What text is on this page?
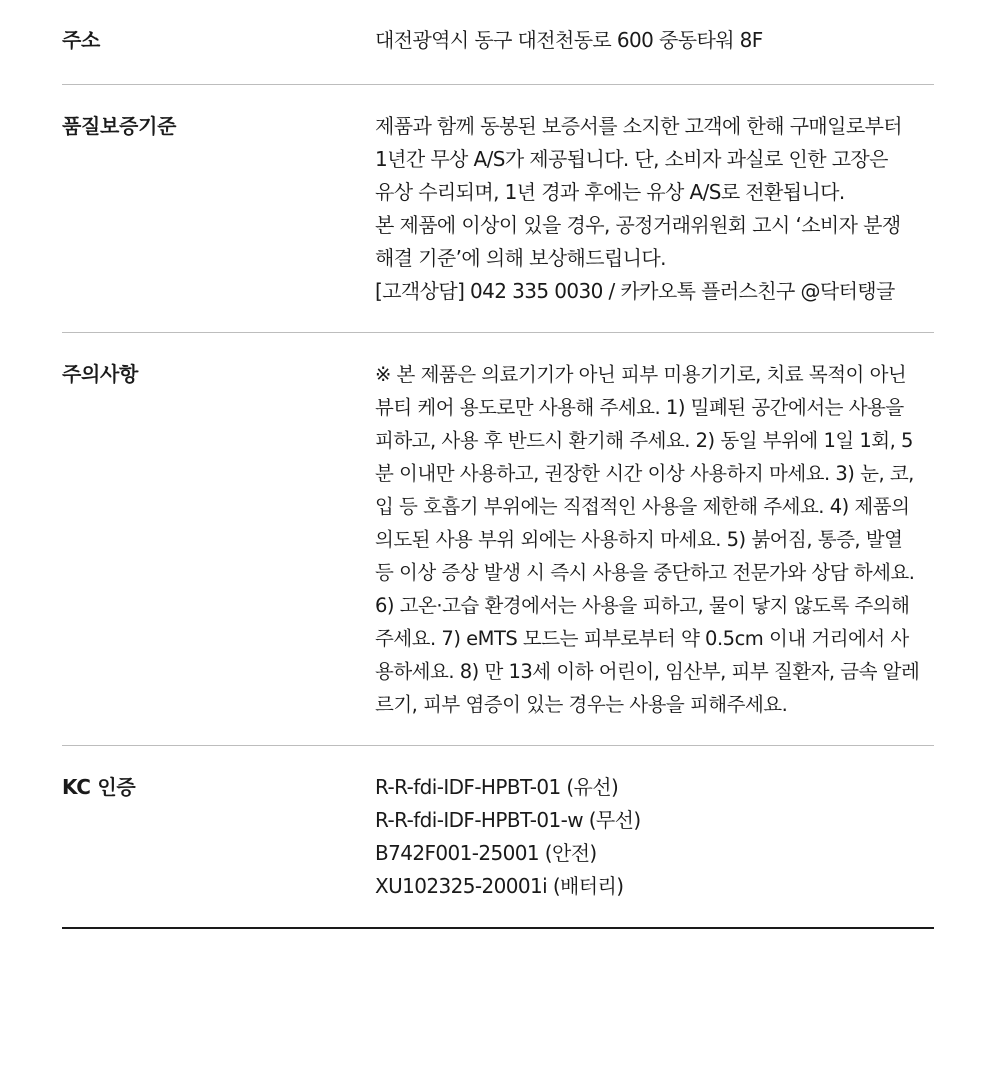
주소	대전광역시 동구 대전천동로 600 중동타워 8F
품질보증기준	제품과 함께 동봉된 보증서를 소지한 고객에 한해 구매일로부터
1년간 무상 A/S가 제공됩니다. 단, 소비자 과실로 인한 고장은
유상 수리되며, 1년 경과 후에는 유상 A/S로 전환됩니다.
본 제품에 이상이 있을 경우, 공정거래위원회 고시 ‘소비자 분쟁
해결 기준’에 의해 보상해드립니다.
[고객상담] 042 335 0030 / 카카오톡 플러스친구 @닥터탱글
주의사항	※ 본 제품은 의료기기가 아닌 피부 미용기기로, 치료 목적이 아닌
뷰티 케어 용도로만 사용해 주세요. 1) 밀폐된 공간에서는 사용을
피하고, 사용 후 반드시 환기해 주세요. 2) 동일 부위에 1일 1회, 5
분 이내만 사용하고, 권장한 시간 이상 사용하지 마세요. 3) 눈, 코,
입 등 호흡기 부위에는 직접적인 사용을 제한해 주세요. 4) 제품의
의도된 사용 부위 외에는 사용하지 마세요. 5) 붉어짐, 통증, 발열
등 이상 증상 발생 시 즉시 사용을 중단하고 전문가와 상담 하세요.
6) 고온·고습 환경에서는 사용을 피하고, 물이 닿지 않도록 주의해
주세요. 7) eMTS 모드는 피부로부터 약 0.5cm 이내 거리에서 사
용하세요. 8) 만 13세 이하 어린이, 임산부, 피부 질환자, 금속 알레
르기, 피부 염증이 있는 경우는 사용을 피해주세요.
KC 인증	R-R-fdi-IDF-HPBT-01 (유선)
R-R-fdi-IDF-HPBT-01-w (무선)
B742F001-25001 (안전)
XU102325-20001i (배터리)
